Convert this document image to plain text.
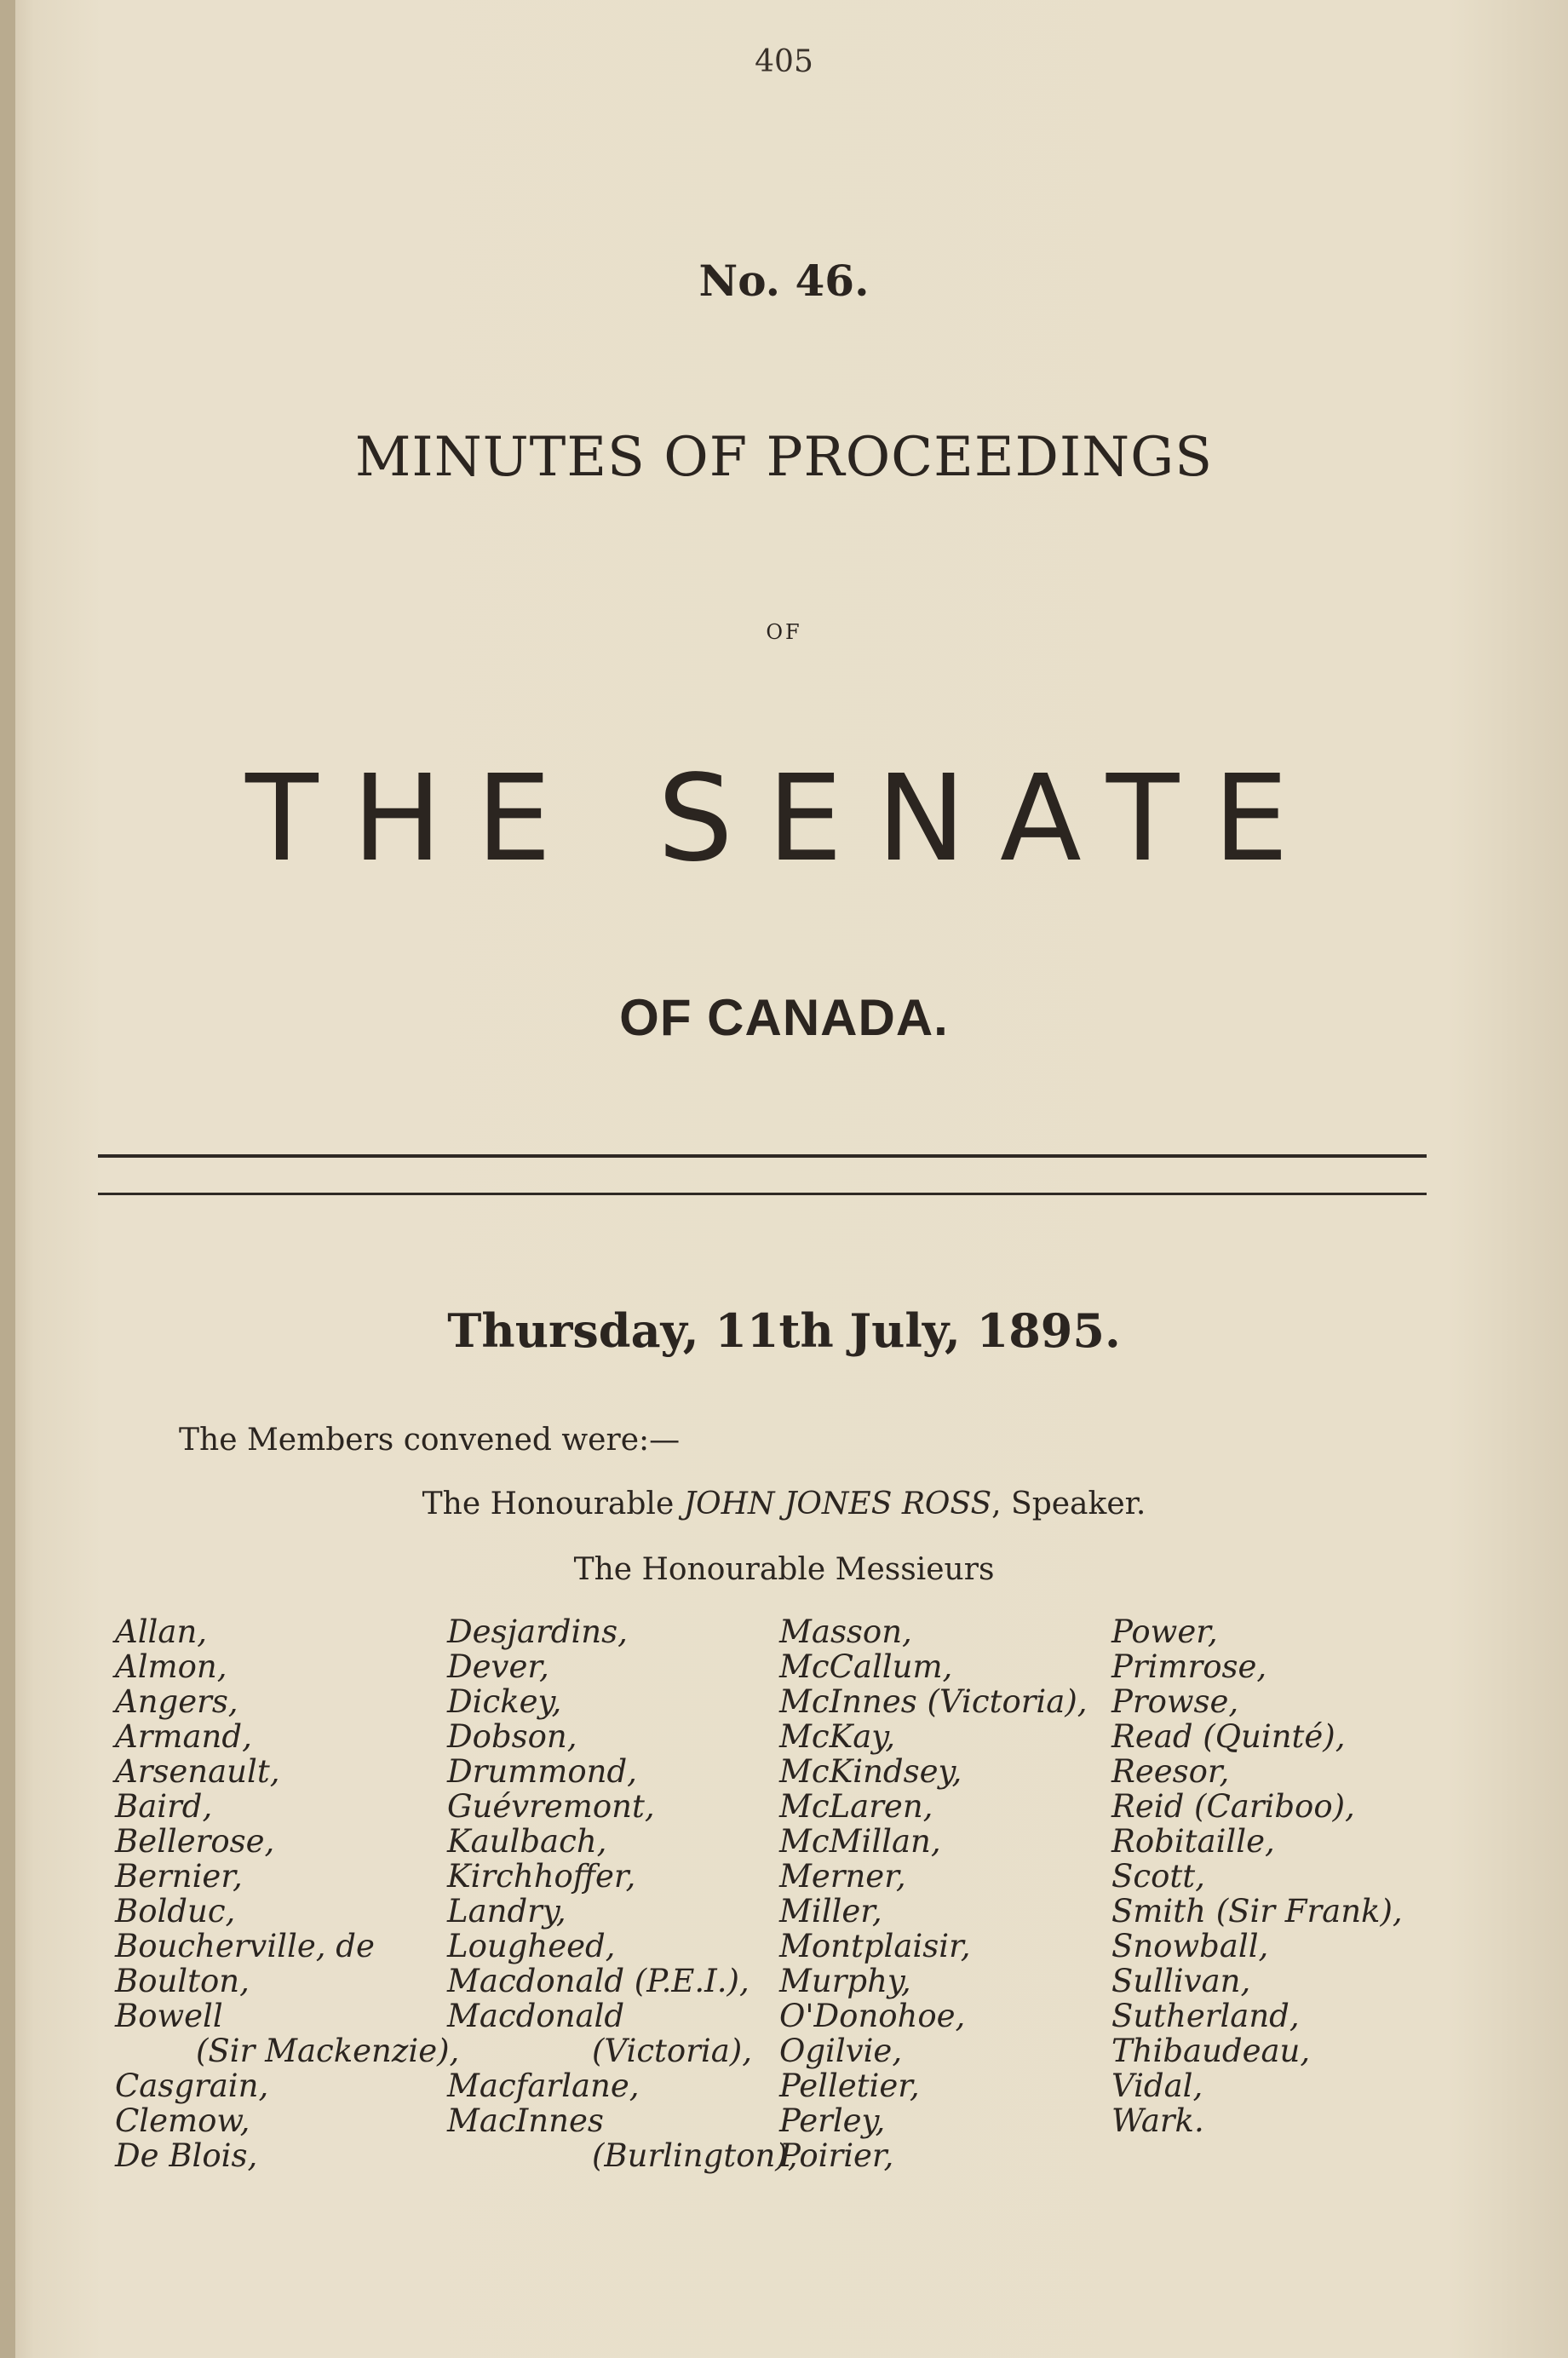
405
No. 46.
MINUTES OF PROCEEDINGS
OF
THE SENATE
OF CANADA.
Thursday, 11th July, 1895.
The Members convened were:—
The Honourable JOHN JONES ROSS, Speaker.
The Honourable Messieurs
Allan,
Almon,
Angers,
Armand,
Arsenault,
Baird,
Bellerose,
Bernier,
Bolduc,
Boucherville, de
Boulton,
Bowell
(Sir Mackenzie),
Casgrain,
Clemow,
De Blois,
Desjardins,
Dever,
Dickey,
Dobson,
Drummond,
Guévremont,
Kaulbach,
Kirchhoffer,
Landry,
Lougheed,
Macdonald (P.E.I.),
Macdonald
(Victoria),
Macfarlane,
MacInnes
(Burlington),
Masson,
McCallum,
McInnes (Victoria),
McKay,
McKindsey,
McLaren,
McMillan,
Merner,
Miller,
Montplaisir,
Murphy,
O'Donohoe,
Ogilvie,
Pelletier,
Perley,
Poirier,
Power,
Primrose,
Prowse,
Read (Quinté),
Reesor,
Reid (Cariboo),
Robitaille,
Scott,
Smith (Sir Frank),
Snowball,
Sullivan,
Sutherland,
Thibaudeau,
Vidal,
Wark.
